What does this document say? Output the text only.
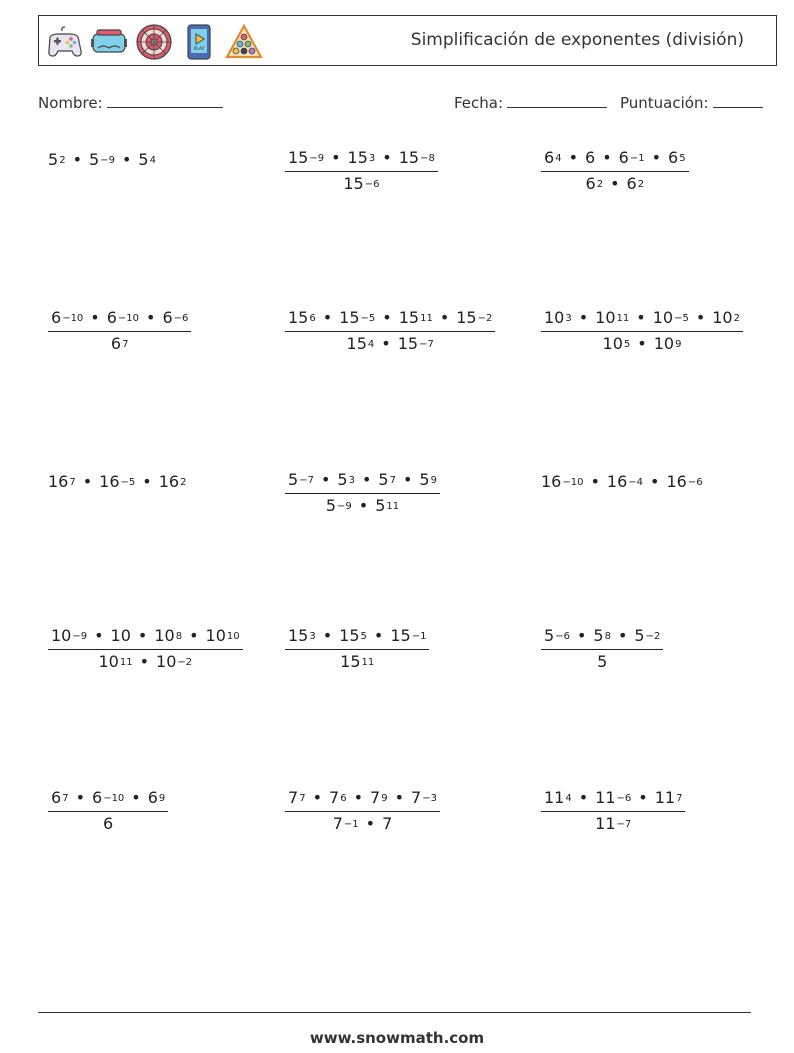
PLAY	Simplificación de exponentes (división)
Nombre:	Fecha:	Puntuación:
$5^2$ • $5^{-9}$ • $5^4$	$\frac{15^{-9} • 15^3 • 15^{-8}}{15^{-6}}$	$\frac{6^4 • 6 • 6^{-1} • 6^5}{6^2 • 6^2}$
$\frac{6^{-10} • 6^{-10} • 6^{-6}}{6^7}$	$\frac{15^6 • 15^{-5} • 15^{11} • 15^{-2}}{15^4 • 15^{-7}}$	$\frac{10^3 • 10^{11} • 10^{-5} • 10^2}{10^5 • 10^9}$
$16^7$ • $16^{-5}$ • $16^2$	$\frac{5^{-7} • 5^3 • 5^7 • 5^9}{5^{-9} • 5^{11}}$	$16^{-10}$ • $16^{-4}$ • $16^{-6}$
$\frac{10^{-9} • 10 • 10^8 • 10^{10}}{10^{11} • 10^{-2}}$	$\frac{15^3 • 15^5 • 15^{-1}}{15^{11}}$	$\frac{5^{-6} • 5^8 • 5^{-2}}{5}$
$\frac{6^7 • 6^{-10} • 6^9}{6}$	$\frac{7^7 • 7^6 • 7^9 • 7^{-3}}{7^{-1} • 7}$	$\frac{11^4 • 11^{-6} • 11^7}{11^{-7}}$
www.snowmath.com
